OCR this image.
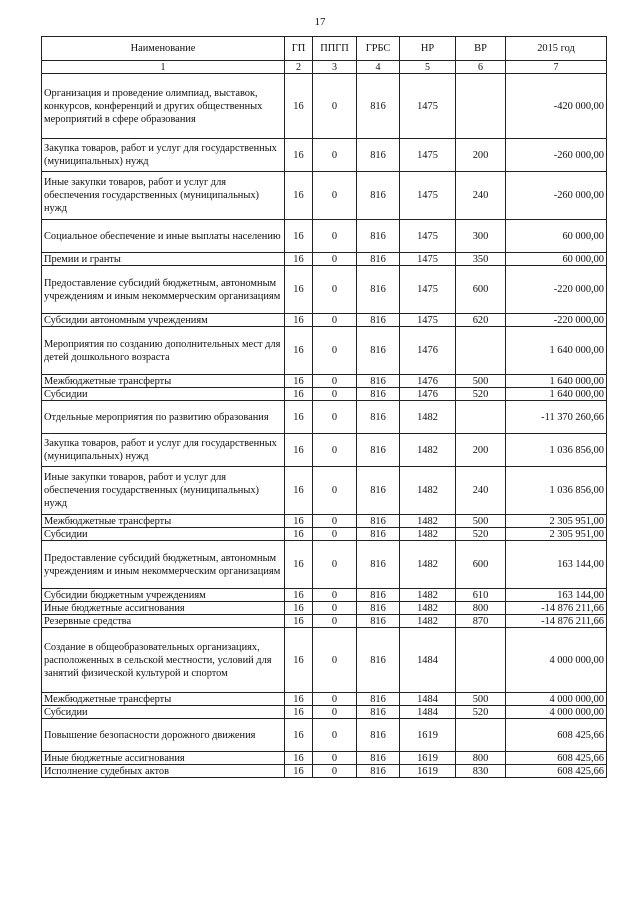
17
Наименование	ГП	ППГП	ГРБС	НР	ВР	2015 год
1	2	3	4	5	6	7
Организация и проведение олимпиад, выставок, конкурсов, конференций и других общественных мероприятий в сфере образования	16	0	816	1475		-420 000,00
Закупка товаров, работ и услуг для государственных (муниципальных) нужд	16	0	816	1475	200	-260 000,00
Иные закупки товаров, работ и услуг для обеспечения государственных (муниципальных) нужд	16	0	816	1475	240	-260 000,00
Социальное обеспечение и иные выплаты населению	16	0	816	1475	300	60 000,00
Премии и гранты	16	0	816	1475	350	60 000,00
Предоставление субсидий бюджетным, автономным учреждениям и иным некоммерческим организациям	16	0	816	1475	600	-220 000,00
Субсидии автономным учреждениям	16	0	816	1475	620	-220 000,00
Мероприятия по созданию дополнительных мест для детей дошкольного возраста	16	0	816	1476		1 640 000,00
Межбюджетные трансферты	16	0	816	1476	500	1 640 000,00
Субсидии	16	0	816	1476	520	1 640 000,00
Отдельные мероприятия по развитию образования	16	0	816	1482		-11 370 260,66
Закупка товаров, работ и услуг для государственных (муниципальных) нужд	16	0	816	1482	200	1 036 856,00
Иные закупки товаров, работ и услуг для обеспечения государственных (муниципальных) нужд	16	0	816	1482	240	1 036 856,00
Межбюджетные трансферты	16	0	816	1482	500	2 305 951,00
Субсидии	16	0	816	1482	520	2 305 951,00
Предоставление субсидий бюджетным, автономным учреждениям и иным некоммерческим организациям	16	0	816	1482	600	163 144,00
Субсидии бюджетным учреждениям	16	0	816	1482	610	163 144,00
Иные бюджетные ассигнования	16	0	816	1482	800	-14 876 211,66
Резервные средства	16	0	816	1482	870	-14 876 211,66
Создание в общеобразовательных организациях, расположенных в сельской местности, условий для занятий физической культурой и спортом	16	0	816	1484		4 000 000,00
Межбюджетные трансферты	16	0	816	1484	500	4 000 000,00
Субсидии	16	0	816	1484	520	4 000 000,00
Повышение безопасности дорожного движения	16	0	816	1619		608 425,66
Иные бюджетные ассигнования	16	0	816	1619	800	608 425,66
Исполнение судебных актов	16	0	816	1619	830	608 425,66
